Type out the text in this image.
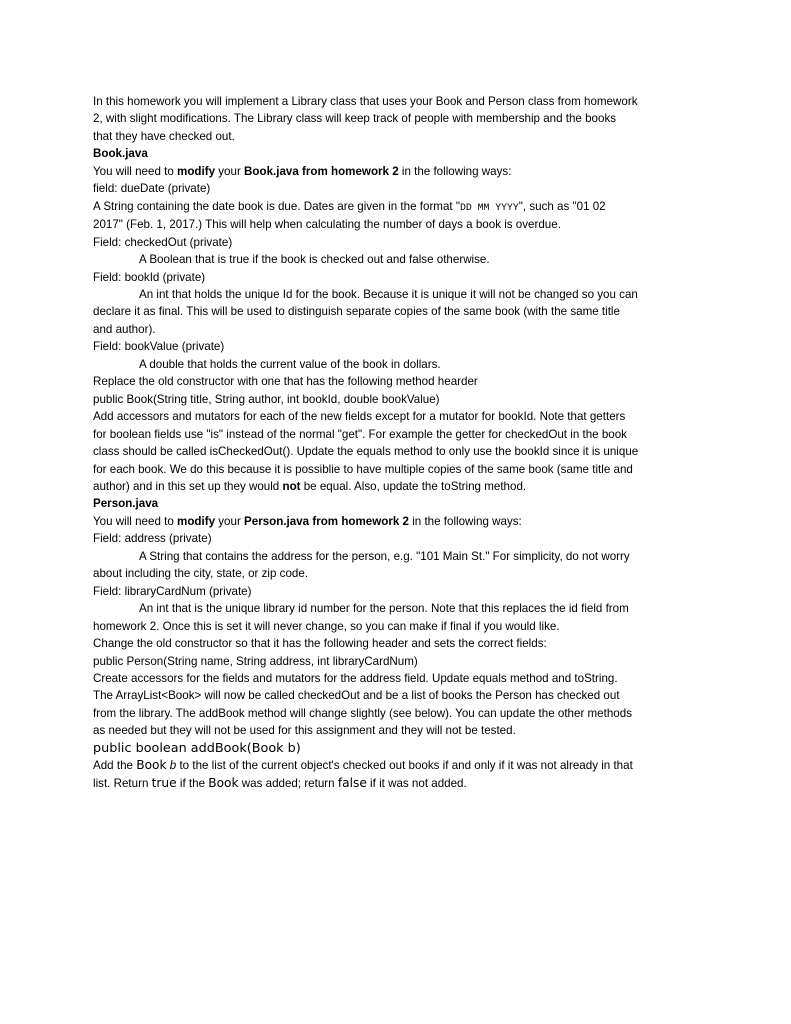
In this homework you will implement a Library class that uses your Book and Person class from homework
2, with slight modifications. The Library class will keep track of people with membership and the books
that they have checked out.
Book.java
You will need to modify your Book.java from homework 2 in the following ways:
field: dueDate (private)
A String containing the date book is due. Dates are given in the format "DD MM YYYY", such as "01 02
2017" (Feb. 1, 2017.) This will help when calculating the number of days a book is overdue.
Field: checkedOut (private)
A Boolean that is true if the book is checked out and false otherwise.
Field: bookId (private)
An int that holds the unique Id for the book. Because it is unique it will not be changed so you can
declare it as final. This will be used to distinguish separate copies of the same book (with the same title
and author).
Field: bookValue (private)
A double that holds the current value of the book in dollars.
Replace the old constructor with one that has the following method hearder
public Book(String title, String author, int bookId, double bookValue)
Add accessors and mutators for each of the new fields except for a mutator for bookId. Note that getters
for boolean fields use "is" instead of the normal "get". For example the getter for checkedOut in the book
class should be called isCheckedOut(). Update the equals method to only use the bookId since it is unique
for each book. We do this because it is possiblie to have multiple copies of the same book (same title and
author) and in this set up they would not be equal. Also, update the toString method.
Person.java
You will need to modify your Person.java from homework 2 in the following ways:
Field: address (private)
A String that contains the address for the person, e.g. "101 Main St." For simplicity, do not worry
about including the city, state, or zip code.
Field: libraryCardNum (private)
An int that is the unique library id number for the person. Note that this replaces the id field from
homework 2. Once this is set it will never change, so you can make if final if you would like.
Change the old constructor so that it has the following header and sets the correct fields:
public Person(String name, String address, int libraryCardNum)
Create accessors for the fields and mutators for the address field. Update equals method and toString.
The ArrayList<Book> will now be called checkedOut and be a list of books the Person has checked out
from the library. The addBook method will change slightly (see below). You can update the other methods
as needed but they will not be used for this assignment and they will not be tested.
public boolean addBook(Book b)
Add the Book b to the list of the current object's checked out books if and only if it was not already in that
list. Return true if the Book was added; return false if it was not added.
